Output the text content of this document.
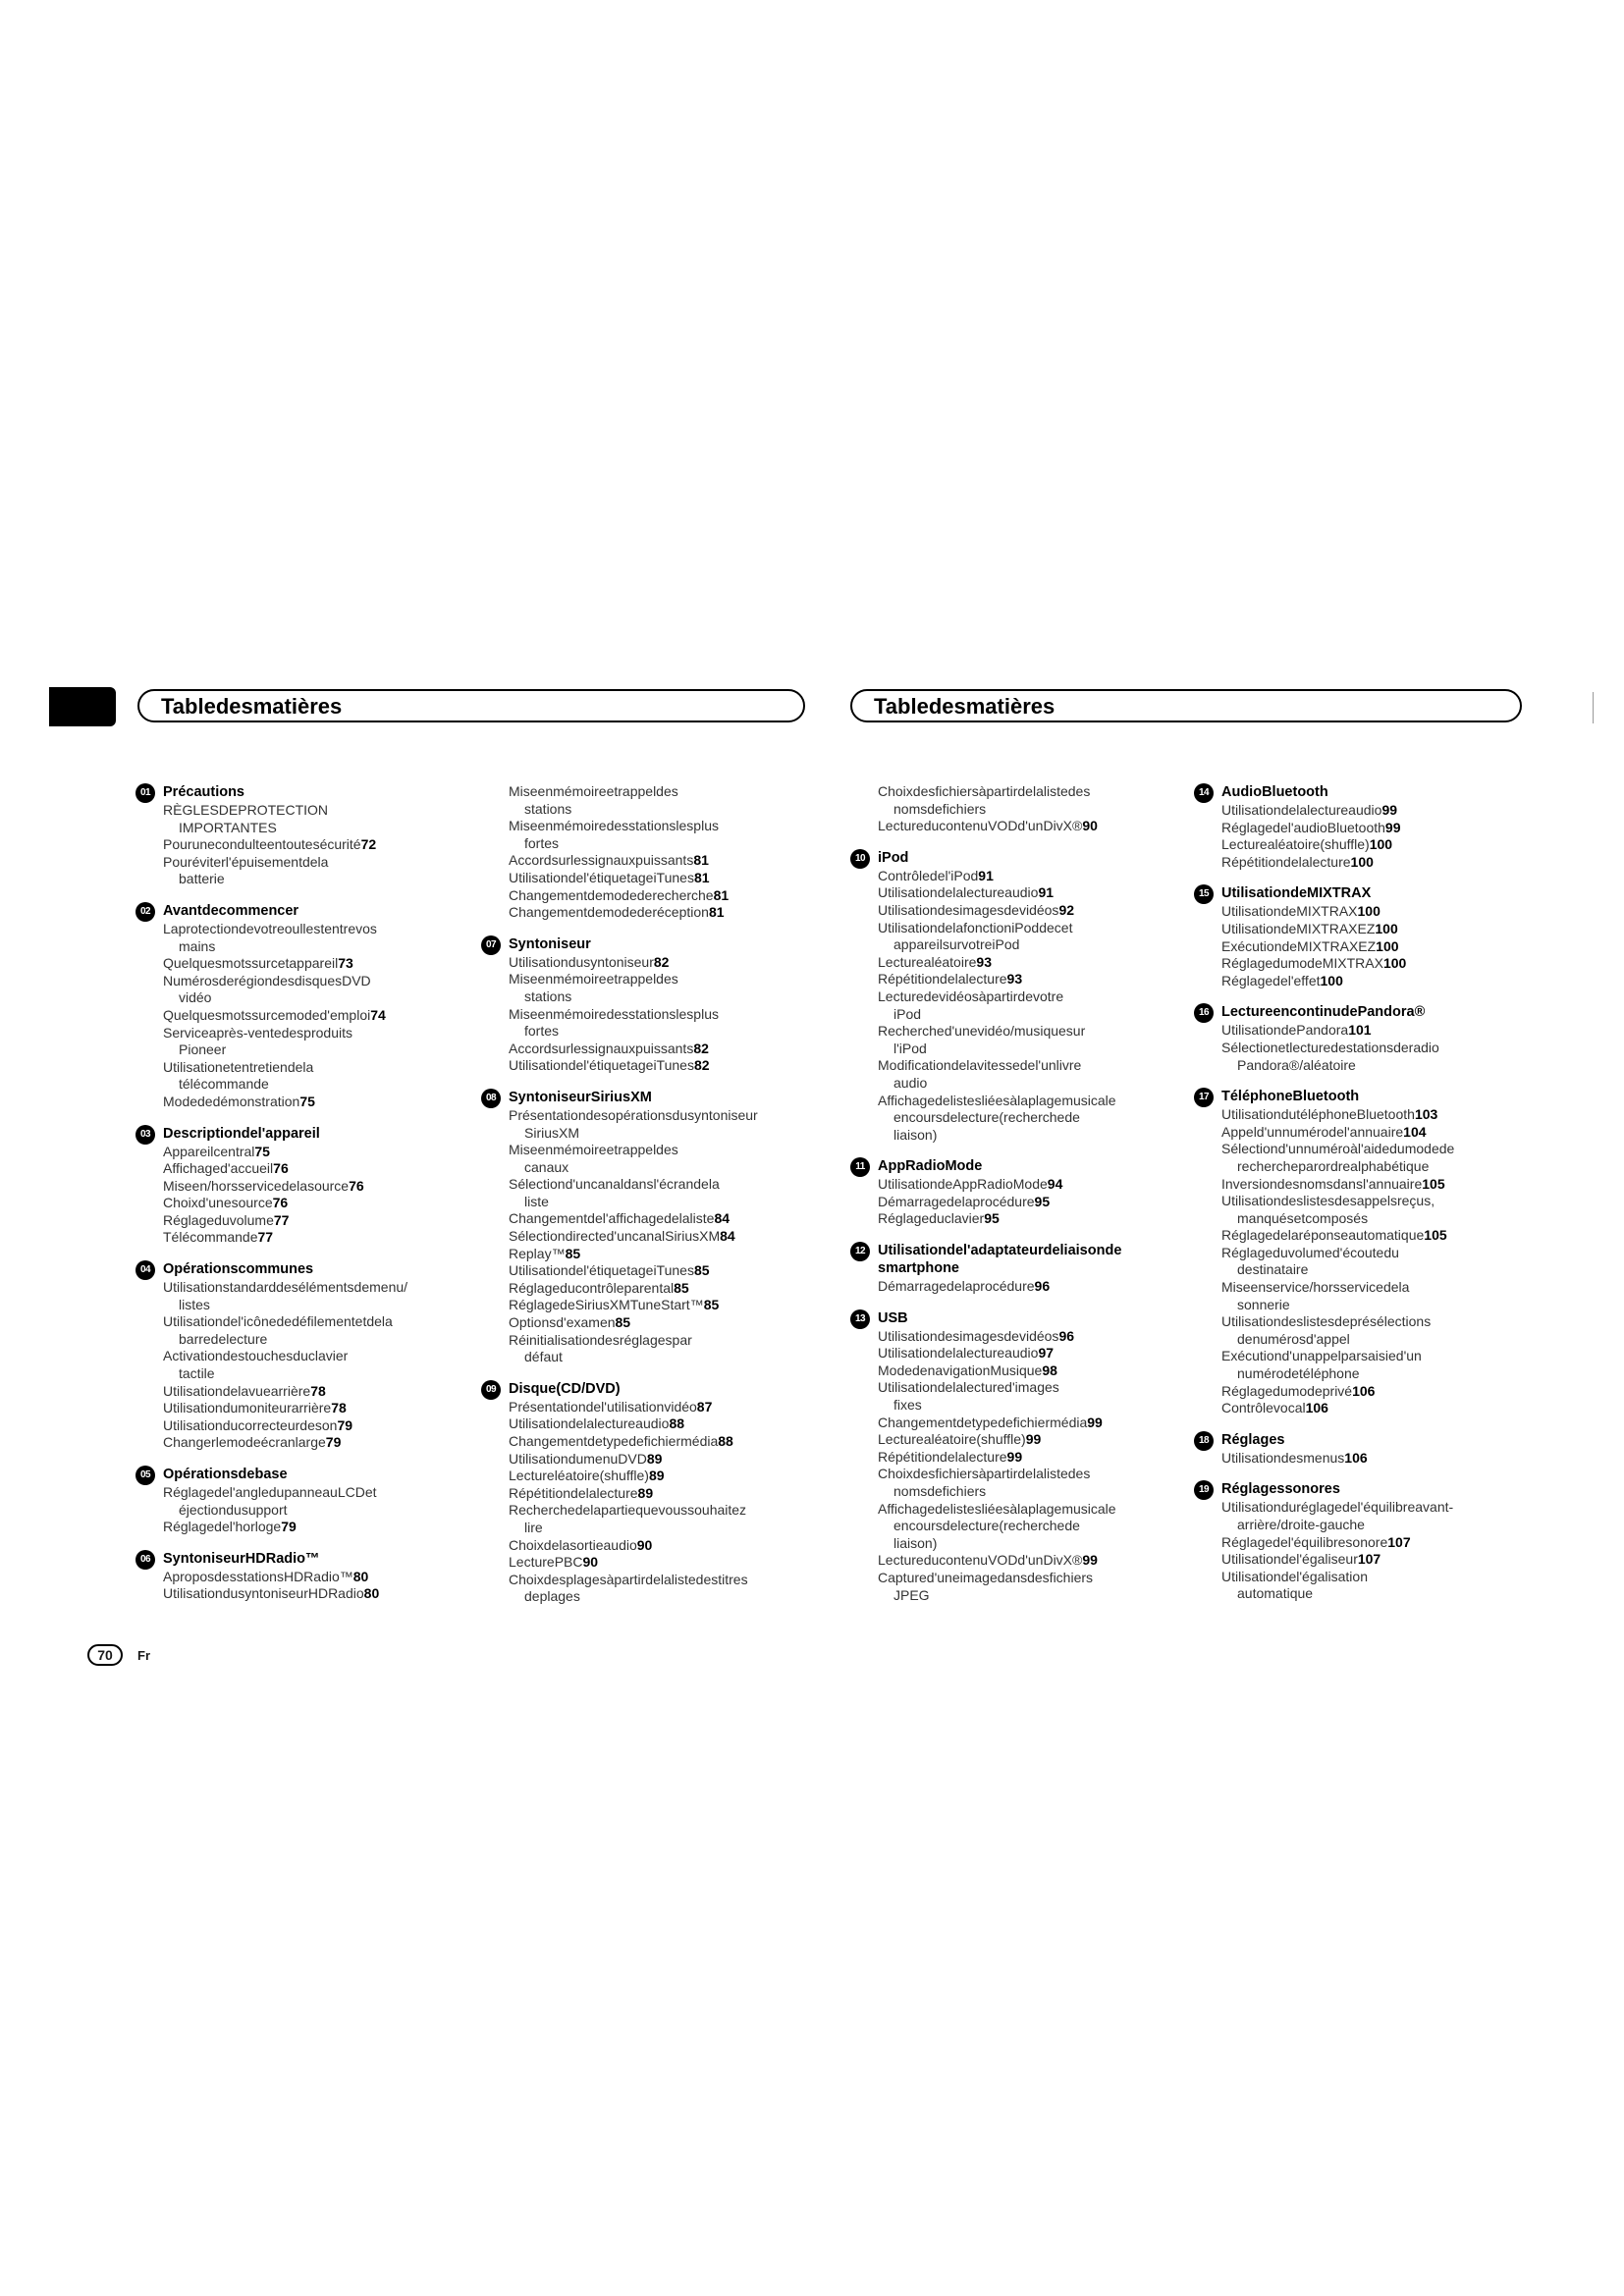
Tabledesmatières	Tabledesmatières
01 Précautions
RÈGLESDEPROTECTION
IMPORTANTES
Pourunecondulteentoutesécurité72
Pouréviterl'épuisementdela
batterie
02 Avantdecommencer
Laprotectiondevotreoullestentrevos
mains
Quelquesmotssurcetappareil73
NumérosderégiondesdisquesDVD
vidéo
Quelquesmotssurcemoded'emploi74
Serviceaprès-ventedesproduits
Pioneer
Utilisationetentretiendela
télécommande
Modededémonstration75
03 Descriptiondel'appareil
Appareilcentral75
Affichaged'accueil76
Miseen/horsservicedelasource76
Choixd'unesource76
Réglageduvolume77
Télécommande77
04 Opérationscommunes
Utilisationstandarddesélémentsdemenu/
listes
Utilisationdel'icônededéfilementetdela
barredelecture
Activationdestouchesduclavier
tactile
Utilisationdelavuearrière78
Utilisationdumoniteurarrière78
Utilisationducorrecteurdeson79
Changerlemodeécranlarge79
05 Opérationsdebase
Réglagedel'angledupanneauLCDet
éjectiondusupport
Réglagedel'horloge79
06 SyntoniseurHDRadio™
AproposdesstationsHDRadio™80
UtilisationdusyntoniseurHDRadio80
Miseenmémoireetrappeldes
stations
Miseenmémoiredesstationslesplus
fortes
Accordsurlessignauxpuissants81
Utilisationdel'étiquetageiTunes81
Changementdemodederecherche81
Changementdemodederéception81
07 Syntoniseur
Utilisationdusyntoniseur82
Miseenmémoireetrappeldes
stations
Miseenmémoiredesstationslesplus
fortes
Accordsurlessignauxpuissants82
Utilisationdel'étiquetageiTunes82
08 SyntoniseurSiriusXM
Présentationdesopérationsdusyntoniseur
SiriusXM
Miseenmémoireetrappeldes
canaux
Sélectiond'uncanaldansl'écrandela
liste
Changementdel'affichagedelaliste84
Sélectiondirected'uncanalSiriusXM84
Replay™85
Utilisationdel'étiquetageiTunes85
Réglageducontrôleparental85
RéglagedeSiriusXMTuneStart™85
Optionsd'examen85
Réinitialisationdesréglagespar
défaut
09 Disque(CD/DVD)
Présentationdel'utilisationvidéo87
Utilisationdelalectureaudio88
Changementdetypedefichiermédia88
UtilisationdumenuDVD89
Lectureléatoire(shuffle)89
Répétitiondelalecture89
Recherchedelapartiequevoussouhaitez
lire
Choixdelasortieaudio90
LecturePBC90
Choixdesplagesàpartirdelalistedestitres
deplages
Choixdesfichiersàpartirdelalistedes
nomsdefichiers
LectureducontenuVODd'unDivX®90
10 iPod
Contrôledel'iPod91
Utilisationdelalectureaudio91
Utilisationdesimagesdevidéos92
UtilisationdelafonctioniPoddecet
appareilsurvotreiPod
Lecturealéatoire93
Répétitiondelalecture93
Lecturedevidéosàpartirdevotre
iPod
Recherched'unevidéo/musiquesur
l'iPod
Modificationdelavitessedel'unlivre
audio
Affichagedelistesliéesàlaplagemusicale
encoursdelecture(recherchede
liaison)
11 AppRadioMode
UtilisationdeAppRadioMode94
Démarragedelaprocédure95
Réglageduclavier95
12 Utilisationdel'adaptateurdeliaisonde smartphone
Démarragedelaprocédure96
13 USB
Utilisationdesimagesdevidéos96
Utilisationdelalectureaudio97
ModedenavigationMusique98
Utilisationdelalectured'images
fixes
Changementdetypedefichiermédia99
Lecturealéatoire(shuffle)99
Répétitiondelalecture99
Choixdesfichiersàpartirdelalistedes
nomsdefichiers
Affichagedelistesliéesàlaplagemusicale
encoursdelecture(recherchede
liaison)
LectureducontenuVODd'unDivX®99
Captured'uneimagedansdesfichiers
JPEG
14 AudioBluetooth
Utilisationdelalectureaudio99
Réglagedel'audioBluetooth99
Lecturealéatoire(shuffle)100
Répétitiondelalecture100
15 UtilisationdeMIXTRAX
UtilisationdeMIXTRAX100
UtilisationdeMIXTRAXEZ100
ExécutiondeMIXTRAXEZ100
RéglagedumodeMIXTRAX100
Réglagedel'effet100
16 LectureencontinudePandora®
UtilisationdePandora101
Sélectionetlecturedestationsderadio
Pandora®/aléatoire
17 TéléphoneBluetooth
UtilisationdutéléphoneBluetooth103
Appeld'unnumérodel'annuaire104
Sélectiond'unnuméroàl'aidedumodede
rechercheparordrealphabétique
Inversiondesnomsdansl'annuaire105
Utilisationdeslistesdesappelsreçus,
manquésetcomposés
Réglagedelaréponseautomatique105
Réglageduvolumed'écoutedu
destinataire
Miseenservice/horsservicedela
sonnerie
Utilisationdeslistesdeprésélections
denumérosd'appel
Exécutiond'unappelparsaisied'un
numérodetéléphone
Réglagedumodeprivé106
Contrôlevocal106
18 Réglages
Utilisationdesmenus106
19 Réglagessonores
Utilisationduréglagedel'équilibreavant-
arrière/droite-gauche
Réglagedel'équilibresonore107
Utilisationdel'égaliseur107
Utilisationdel'égalisation
automatique
70	Fr
